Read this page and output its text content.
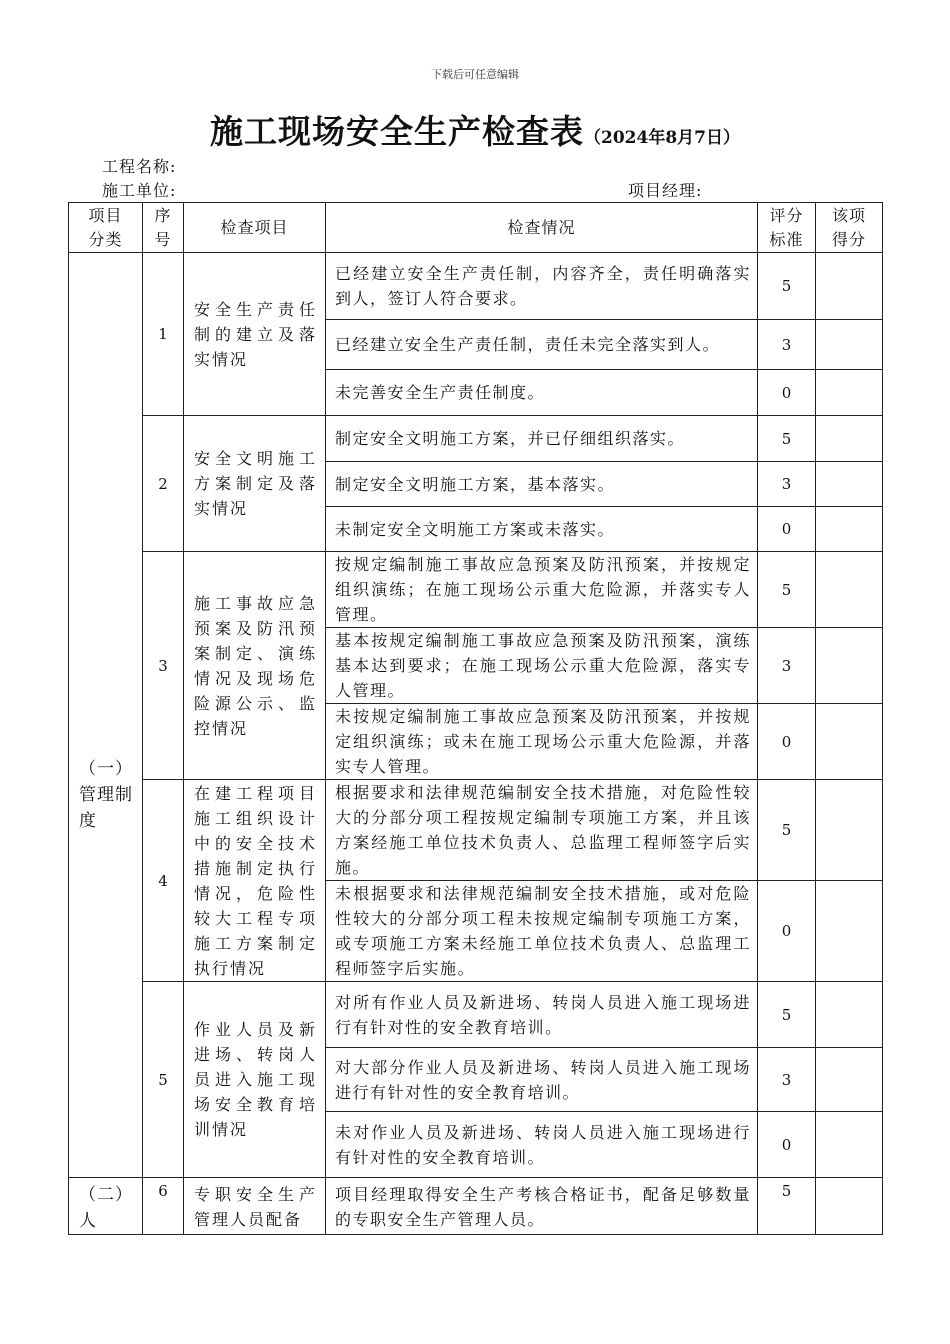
下载后可任意编辑
施工现场安全生产检查表（2024年8月7日）
工程名称:
施工单位:	项目经理:
项目分类	序号	检查项目	检查情况	评分标准	该项得分
（一）管理制度	1	安全生产责任制的建立及落实情况	已经建立安全生产责任制，内容齐全，责任明确落实到人，签订人符合要求。	5	
			已经建立安全生产责任制，责任未完全落实到人。	3	
			未完善安全生产责任制度。	0	
	2	安全文明施工方案制定及落实情况	制定安全文明施工方案，并已仔细组织落实。	5	
			制定安全文明施工方案，基本落实。	3	
			未制定安全文明施工方案或未落实。	0	
	3	施工事故应急预案及防汛预案制定、演练情况及现场危险源公示、监控情况	按规定编制施工事故应急预案及防汛预案，并按规定组织演练；在施工现场公示重大危险源，并落实专人管理。	5	
			基本按规定编制施工事故应急预案及防汛预案，演练基本达到要求；在施工现场公示重大危险源，落实专人管理。	3	
			未按规定编制施工事故应急预案及防汛预案，并按规定组织演练；或未在施工现场公示重大危险源，并落实专人管理。	0	
	4	在建工程项目施工组织设计中的安全技术措施制定执行情况，危险性较大工程专项施工方案制定执行情况	根据要求和法律规范编制安全技术措施，对危险性较大的分部分项工程按规定编制专项施工方案，并且该方案经施工单位技术负责人、总监理工程师签字后实施。	5	
			未根据要求和法律规范编制安全技术措施，或对危险性较大的分部分项工程未按规定编制专项施工方案，或专项施工方案未经施工单位技术负责人、总监理工程师签字后实施。	0	
	5	作业人员及新进场、转岗人员进入施工现场安全教育培训情况	对所有作业人员及新进场、转岗人员进入施工现场进行有针对性的安全教育培训。	5	
			对大部分作业人员及新进场、转岗人员进入施工现场进行有针对性的安全教育培训。	3	
			未对作业人员及新进场、转岗人员进入施工现场进行有针对性的安全教育培训。	0	
（二）人	6	专职安全生产管理人员配备	项目经理取得安全生产考核合格证书，配备足够数量的专职安全生产管理人员。	5	
